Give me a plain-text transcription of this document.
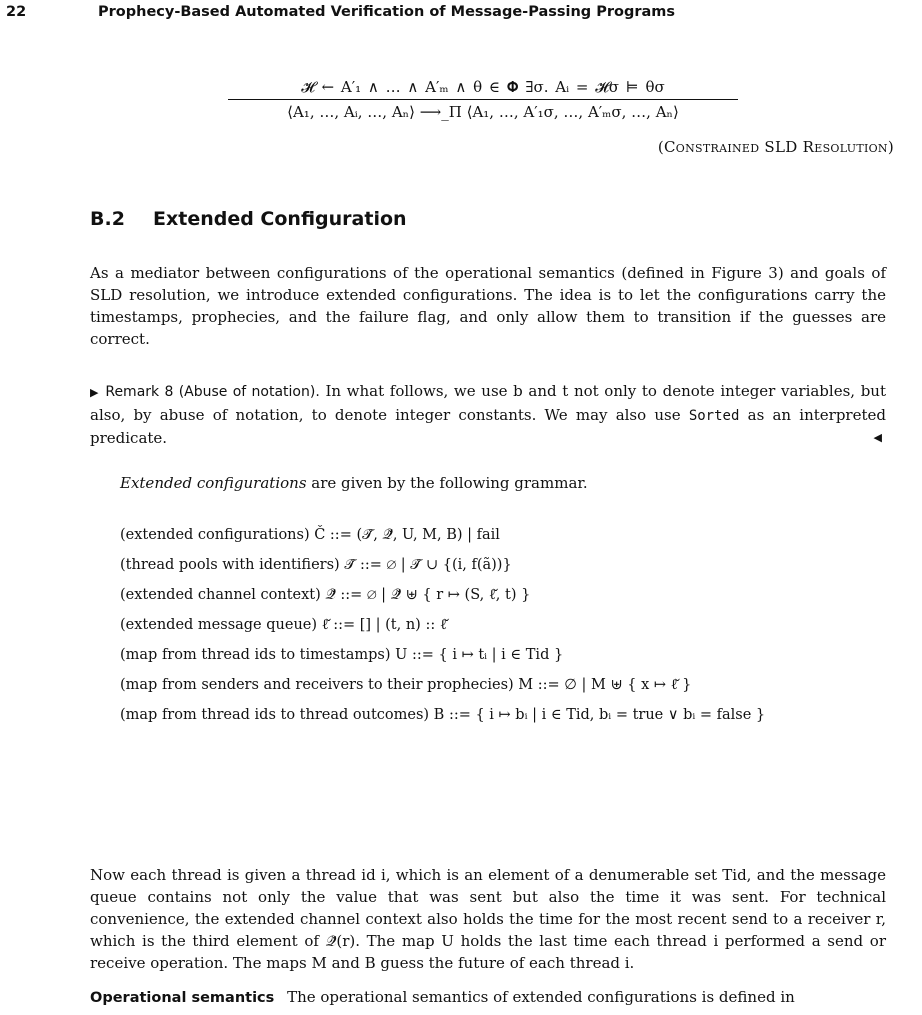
22	Prophecy-Based Automated Verification of Message-Passing Programs
𝓗 ← A′₁ ∧ … ∧ A′ₘ ∧ θ ∈ 𝚽 ∃σ. Aᵢ = 𝓗σ ⊨ θσ
⟨A₁, …, Aᵢ, …, Aₙ⟩ ⟶_Π ⟨A₁, …, A′₁σ, …, A′ₘσ, …, Aₙ⟩
(Constrained SLD Resolution)
B.2 Extended Configuration

As a mediator between configurations of the operational semantics (defined in Figure 3) and goals of SLD resolution, we introduce extended configurations. The idea is to let the configurations carry the timestamps, prophecies, and the failure flag, and only allow them to transition if the guesses are correct.

▶ Remark 8 (Abuse of notation). In what follows, we use b and t not only to denote integer variables, but also, by abuse of notation, to denote integer constants. We may also use Sorted as an interpreted predicate.	◀

Extended configurations are given by the following grammar.

(extended configurations) Č ::= (𝒯̌, 𝒬̌, U, M, B) | fail
(thread pools with identifiers) 𝒯̌ ::= ∅ | 𝒯̌ ∪ {(i, f(ã))}
(extended channel context) 𝒬̌ ::= ∅ | 𝒬̌ ⊎ { r ↦ (S, ℓ̌, t) }
(extended message queue) ℓ̌ ::= [] | (t, n) :: ℓ̌
(map from thread ids to timestamps) U ::= { i ↦ tᵢ | i ∈ Tid }
(map from senders and receivers to their prophecies) M ::= ∅ | M ⊎ { x ↦ ℓ̌ }
(map from thread ids to thread outcomes) B ::= { i ↦ bᵢ | i ∈ Tid, bᵢ = true ∨ bᵢ = false }

Now each thread is given a thread id i, which is an element of a denumerable set Tid, and the message queue contains not only the value that was sent but also the time it was sent. For technical convenience, the extended channel context also holds the time for the most recent send to a receiver r, which is the third element of 𝒬̌(r). The map U holds the last time each thread i performed a send or receive operation. The maps M and B guess the future of each thread i.

Operational semantics The operational semantics of extended configurations is defined in
